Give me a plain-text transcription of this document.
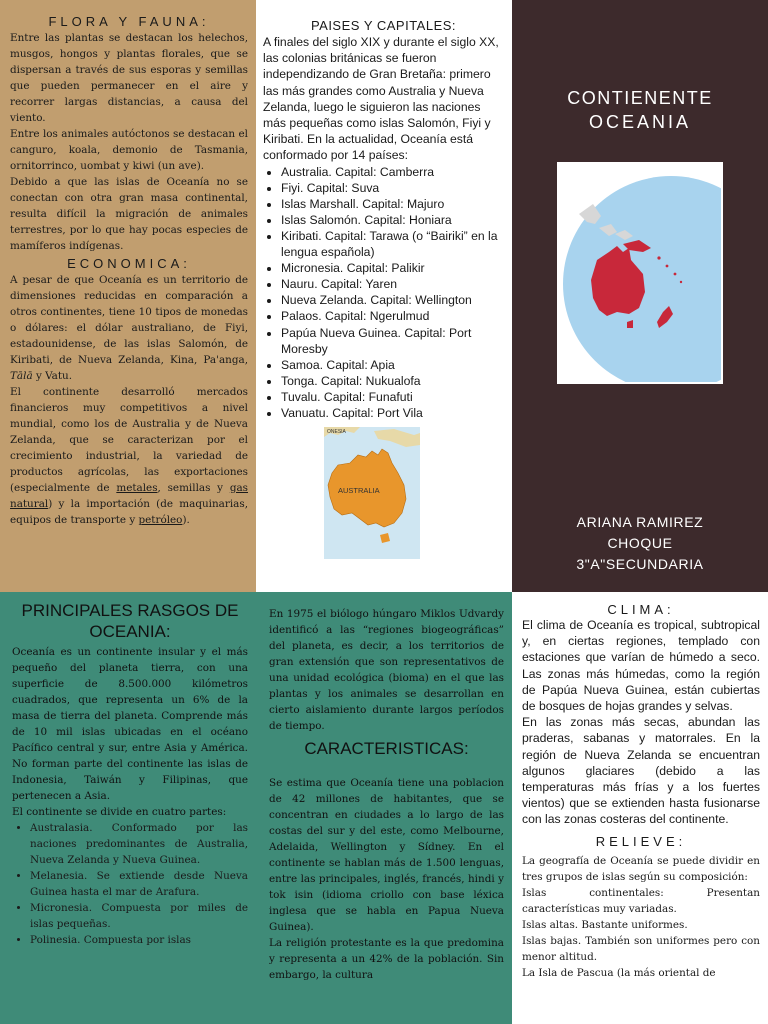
FLORA Y FAUNA:

Entre las plantas se destacan los helechos, musgos, hongos y plantas florales, que se dispersan a través de sus esporas y semillas que pueden permanecer en el aire y recorrer largas distancias, a causa del viento.

Entre los animales autóctonos se destacan el canguro, koala, demonio de Tasmania, ornitorrinco, uombat y kiwi (un ave).

Debido a que las islas de Oceanía no se conectan con otra gran masa continental, resulta difícil la migración de animales terrestres, por lo que hay pocas especies de mamíferos indígenas.

ECONOMICA:

A pesar de que Oceanía es un territorio de dimensiones reducidas en comparación a otros continentes, tiene 10 tipos de monedas o dólares: el dólar australiano, de Fiyi, estadounidense, de las islas Salomón, de Kiribati, de Nueva Zelanda, Kina, Pa'anga, Tālā y Vatu.

El continente desarrolló mercados financieros muy competitivos a nivel mundial, como los de Australia y de Nueva Zelanda, que se caracterizan por el crecimiento industrial, la variedad de productos agrícolas, las exportaciones (especialmente de metales, semillas y gas natural) y la importación (de maquinarias, equipos de transporte y petróleo).

PAISES Y CAPITALES:

A finales del siglo XIX y durante el siglo XX, las colonias británicas se fueron independizando de Gran Bretaña: primero las más grandes como Australia y Nueva Zelanda, luego le siguieron las naciones más pequeñas como islas Salomón, Fiyi y Kiribati. En la actualidad, Oceanía está conformado por 14 países:

• Australia. Capital: Camberra
• Fiyi. Capital: Suva
• Islas Marshall. Capital: Majuro
• Islas Salomón. Capital: Honiara
• Kiribati. Capital: Tarawa (o “Bairiki” en la lengua española)
• Micronesia. Capital: Palikir
• Nauru. Capital: Yaren
• Nueva Zelanda. Capital: Wellington
• Palaos. Capital: Ngerulmud
• Papúa Nueva Guinea. Capital: Port Moresby
• Samoa. Capital: Apia
• Tonga. Capital: Nukualofa
• Tuvalu. Capital: Funafuti
• Vanuatu. Capital: Port Vila
ONESIA
AUSTRALIA
CONTIENENTE
OCEANIA
ARIANA RAMIREZ
CHOQUE
3"A"SECUNDARIA
PRINCIPALES RASGOS DE OCEANIA:

Oceanía es un continente insular y el más pequeño del planeta tierra, con una superficie de 8.500.000 kilómetros cuadrados, que representa un 6% de la masa de tierra del planeta. Comprende más de 10 mil islas ubicadas en el océano Pacífico central y sur, entre Asia y América. No forman parte del continente las islas de Indonesia, Taiwán y Filipinas, que pertenecen a Asia.

El continente se divide en cuatro partes:

• Australasia. Conformado por las naciones predominantes de Australia, Nueva Zelanda y Nueva Guinea.
• Melanesia. Se extiende desde Nueva Guinea hasta el mar de Arafura.
• Micronesia. Compuesta por miles de islas pequeñas.
• Polinesia. Compuesta por islas

En 1975 el biólogo húngaro Miklos Udvardy identificó a las “regiones biogeográficas” del planeta, es decir, a los territorios de gran extensión que son representativos de una unidad ecológica (bioma) en el que las plantas y los animales se desarrollan en cierto aislamiento durante largos períodos de tiempo.

CARACTERISTICAS:

Se estima que Oceanía tiene una poblacion de 42 millones de habitantes, que se concentran en ciudades a lo largo de las costas del sur y del este, como Melbourne, Adelaida, Wellington y Sídney. En el continente se hablan más de 1.500 lenguas, entre las principales, inglés, francés, hindi y tok isin (idioma criollo con base léxica inglesa que se habla en Papua Nueva Guinea).

La religión protestante es la que predomina y representa a un 42% de la población. Sin embargo, la cultura

CLIMA:

El clima de Oceanía es tropical, subtropical y, en ciertas regiones, templado con estaciones que varían de húmedo a seco. Las zonas más húmedas, como la región de Papúa Nueva Guinea, están cubiertas de bosques de hojas grandes y selvas.

En las zonas más secas, abundan las praderas, sabanas y matorrales. En la región de Nueva Zelanda se encuentran algunos glaciares (debido a las temperaturas más frías y a los fuertes vientos) que se extienden hasta fusionarse con las zonas costeras del continente.

RELIEVE:

La geografía de Oceanía se puede dividir en tres grupos de islas según su composición:

Islas continentales: Presentan características muy variadas.

Islas altas. Bastante uniformes.

Islas bajas. También son uniformes pero con menor altitud.

La Isla de Pascua (la más oriental de
